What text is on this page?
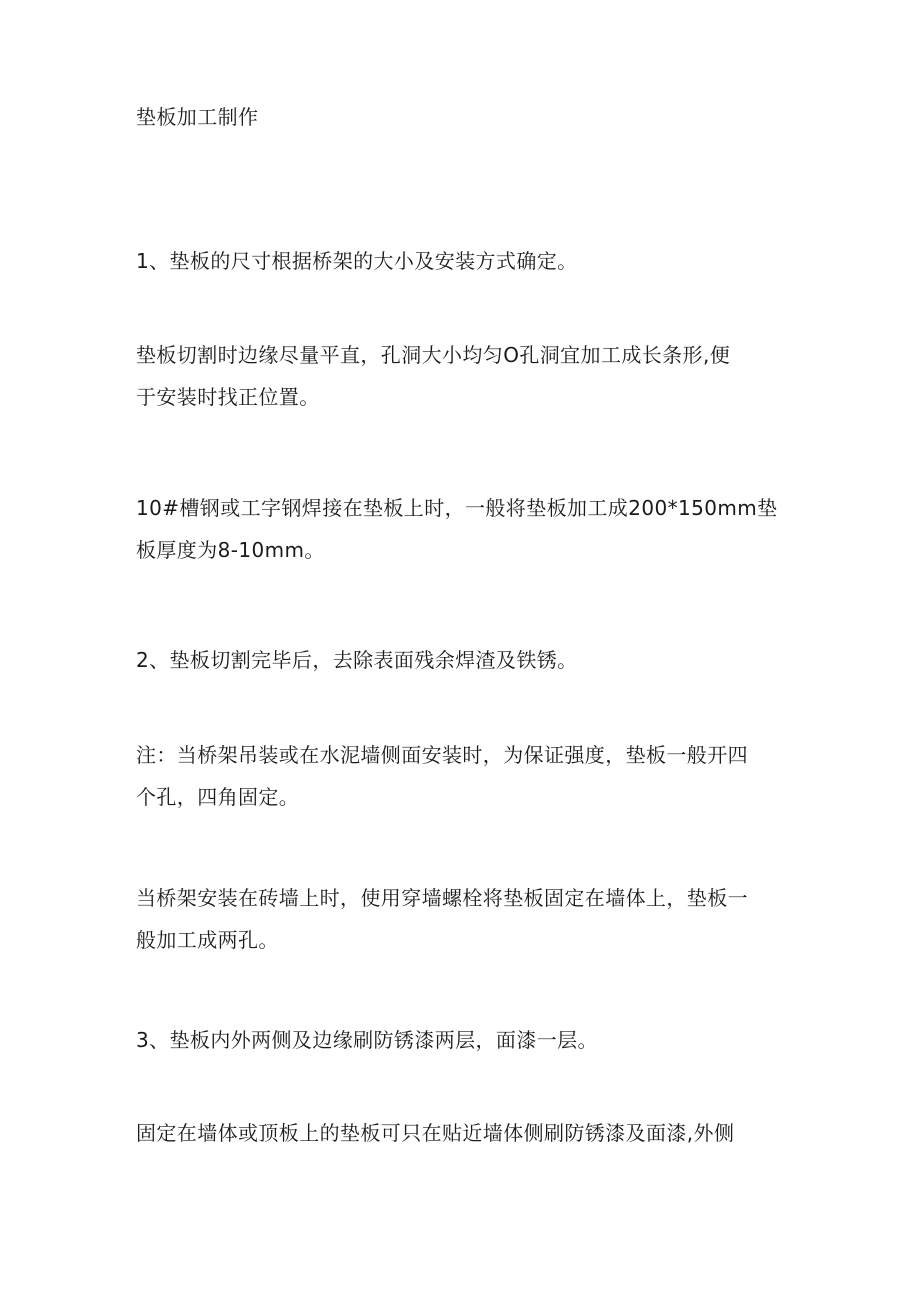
垫板加工制作

1、垫板的尺寸根据桥架的大小及安装方式确定。

垫板切割时边缘尽量平直，孔洞大小均匀O孔洞宜加工成长条形,便
于安装时找正位置。

10#槽钢或工字钢焊接在垫板上时，一般将垫板加工成200*150mm垫
板厚度为8-10mm。

2、垫板切割完毕后，去除表面残余焊渣及铁锈。

注：当桥架吊装或在水泥墙侧面安装时，为保证强度，垫板一般开四
个孔，四角固定。

当桥架安装在砖墙上时，使用穿墙螺栓将垫板固定在墙体上，垫板一
般加工成两孔。

3、垫板内外两侧及边缘刷防锈漆两层，面漆一层。

固定在墙体或顶板上的垫板可只在贴近墙体侧刷防锈漆及面漆,外侧
